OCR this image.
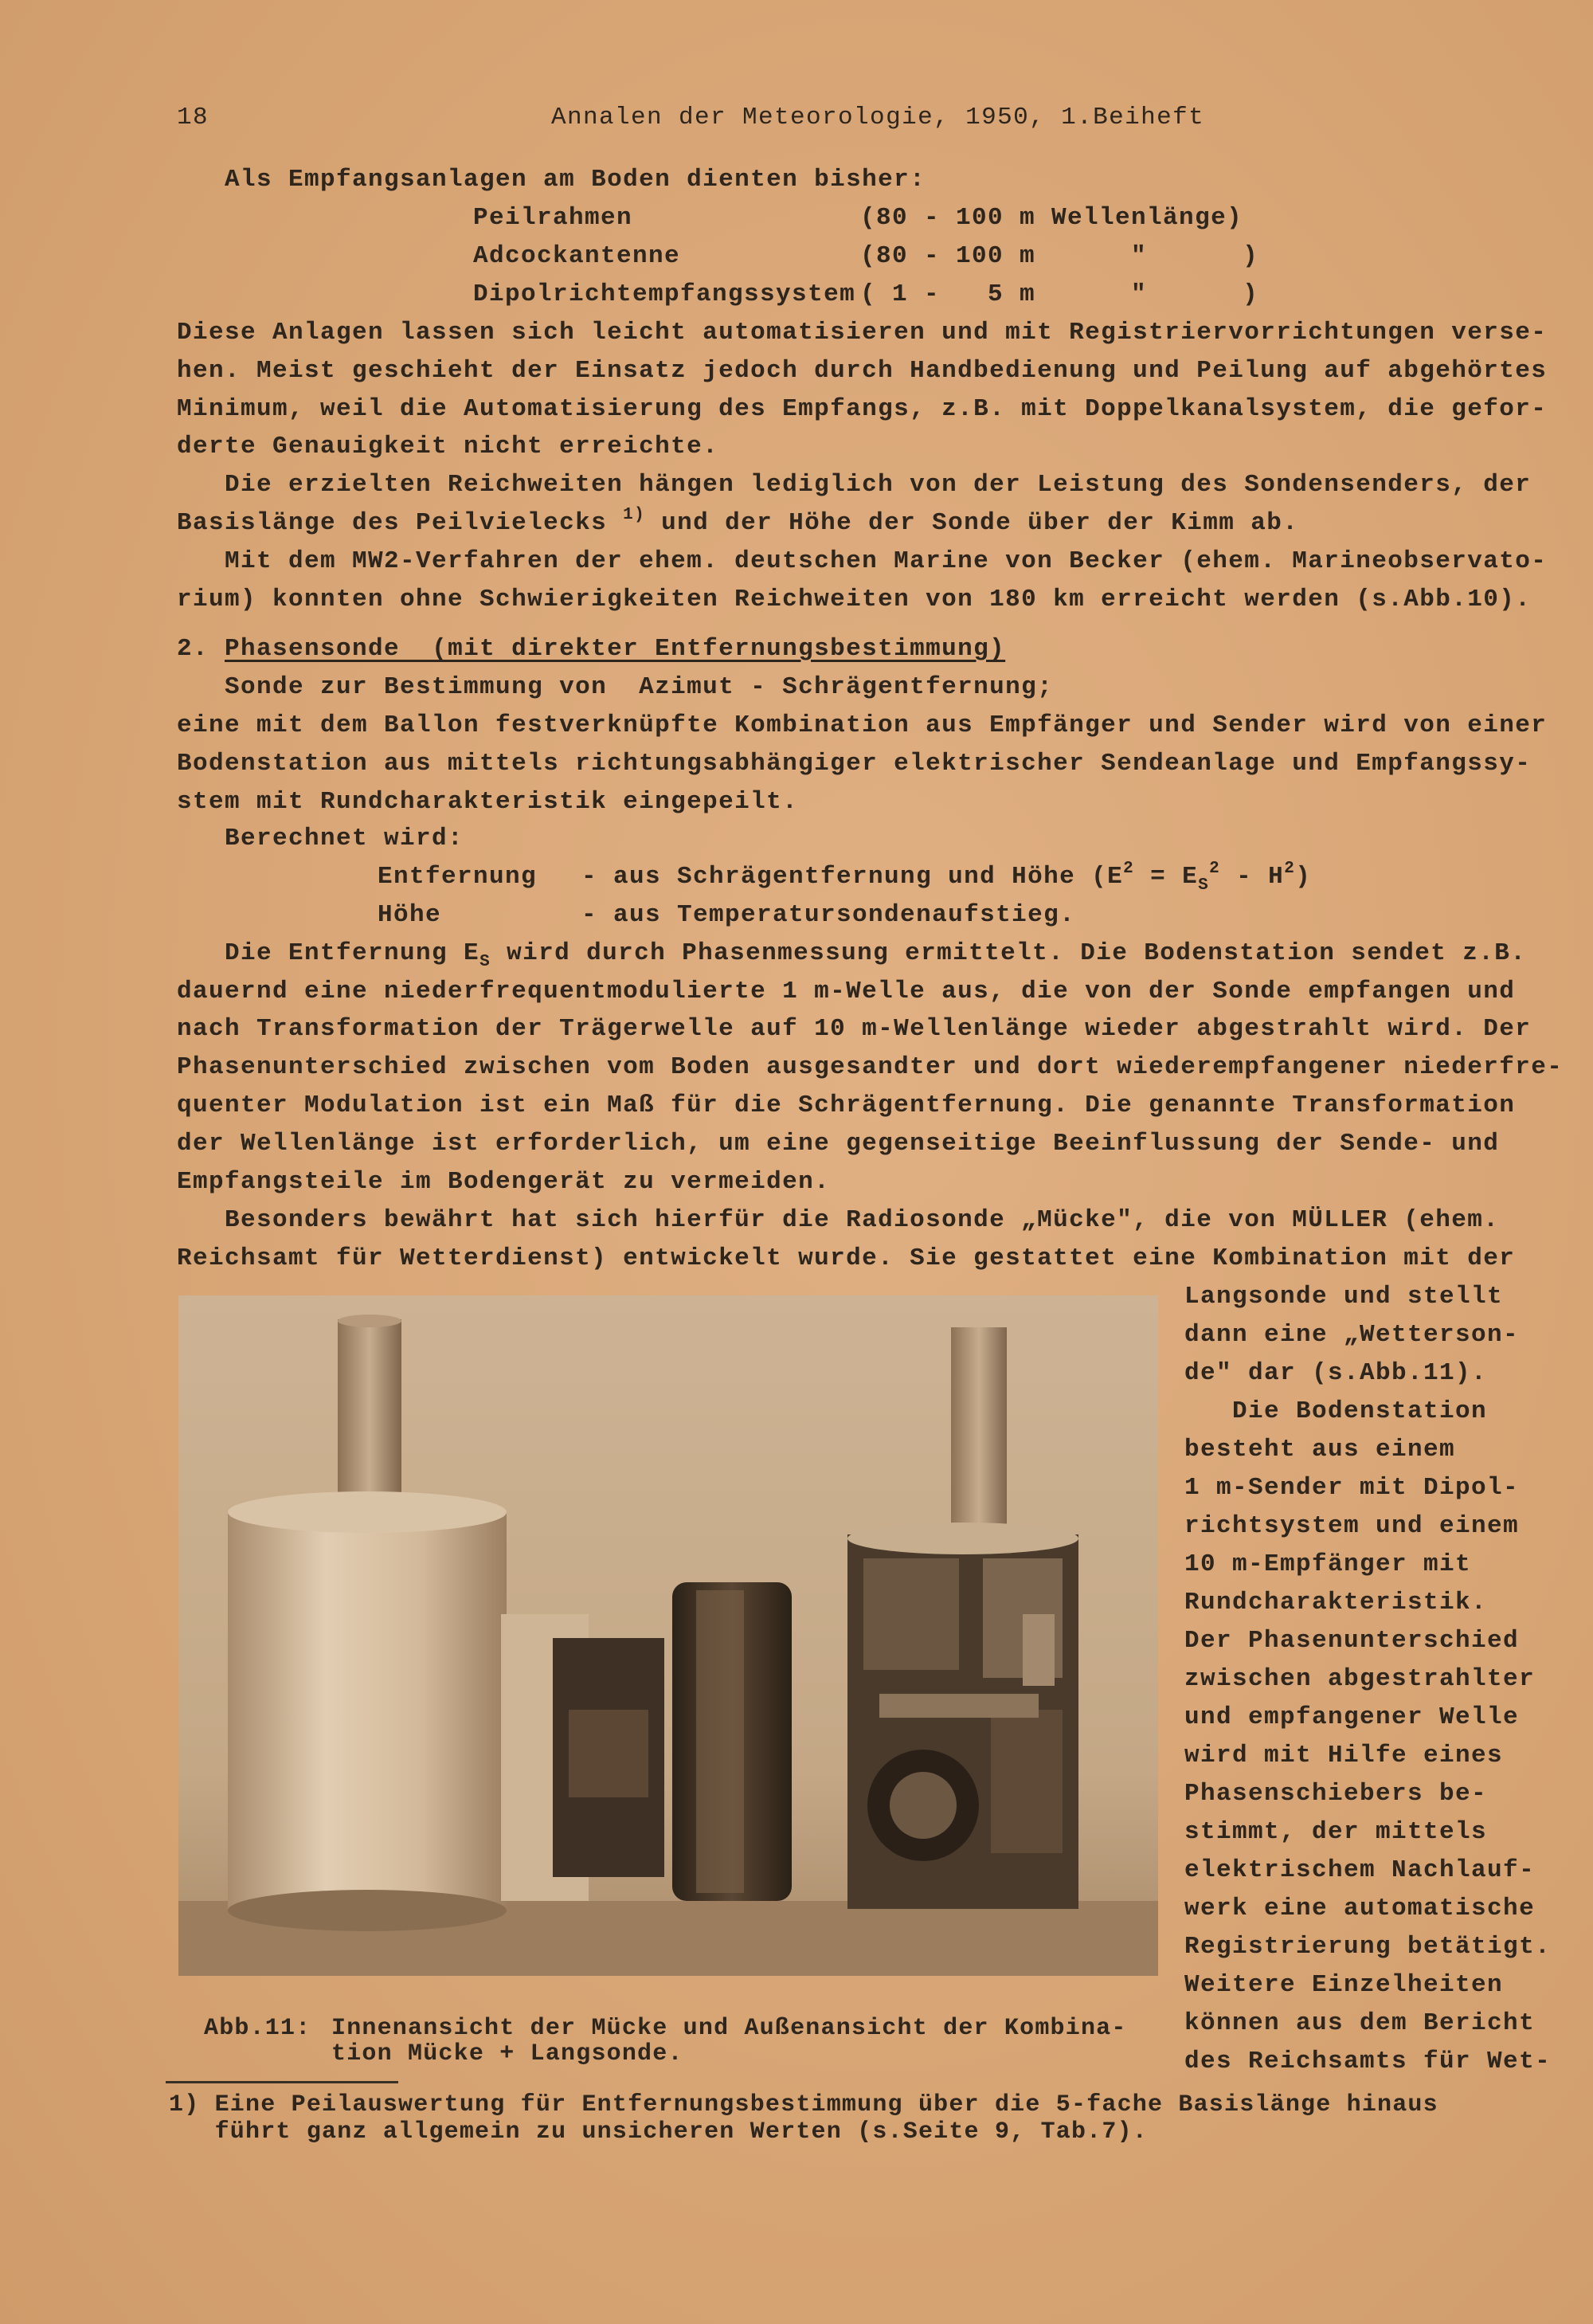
18	Annalen der Meteorologie, 1950, 1.Beiheft
Als Empfangsanlagen am Boden dienten bisher:
Peilrahmen	(80 - 100 m Wellenlänge)
Adcockantenne	(80 - 100 m      "      )
Dipolrichtempfangssystem ( 1 -   5 m      "      )
Diese Anlagen lassen sich leicht automatisieren und mit Registriervorrichtungen verse-
hen. Meist geschieht der Einsatz jedoch durch Handbedienung und Peilung auf abgehörtes
Minimum, weil die Automatisierung des Empfangs, z.B. mit Doppelkanalsystem, die gefor-
derte Genauigkeit nicht erreichte.
Die erzielten Reichweiten hängen lediglich von der Leistung des Sondensenders, der
Basislänge des Peilvielecks $^{1)}$ und der Höhe der Sonde über der Kimm ab.
Mit dem MW2-Verfahren der ehem. deutschen Marine von Becker (ehem. Marineobservato-
rium) konnten ohne Schwierigkeiten Reichweiten von 180 km erreicht werden (s.Abb.10).
2. Phasensonde  (mit direkter Entfernungsbestimmung)
Sonde zur Bestimmung von  Azimut - Schrägentfernung;
eine mit dem Ballon festverknüpfte Kombination aus Empfänger und Sender wird von einer
Bodenstation aus mittels richtungsabhängiger elektrischer Sendeanlage und Empfangssy-
stem mit Rundcharakteristik eingepeilt.
Berechnet wird:
Entfernung - aus Schrägentfernung und Höhe $(E^2 = E_S^2 - H^2)$
Höhe	- aus Temperatursondenaufstieg.
Die Entfernung $E_S$ wird durch Phasenmessung ermittelt. Die Bodenstation sendet z.B.
dauernd eine niederfrequentmodulierte 1 m-Welle aus, die von der Sonde empfangen und
nach Transformation der Trägerwelle auf 10 m-Wellenlänge wieder abgestrahlt wird. Der
Phasenunterschied zwischen vom Boden ausgesandter und dort wiederempfangener niederfre-
quenter Modulation ist ein Maß für die Schrägentfernung. Die genannte Transformation
der Wellenlänge ist erforderlich, um eine gegenseitige Beeinflussung der Sende- und
Empfangsteile im Bodengerät zu vermeiden.
Besonders bewährt hat sich hierfür die Radiosonde „Mücke", die von MÜLLER (ehem.
Reichsamt für Wetterdienst) entwickelt wurde. Sie gestattet eine Kombination mit der
Langsonde und stellt
dann eine „Wetterson-
de" dar (s.Abb.11).
Die Bodenstation
besteht aus einem
1 m-Sender mit Dipol-
richtsystem und einem
10 m-Empfänger mit
Rundcharakteristik.
Der Phasenunterschied
zwischen abgestrahlter
und empfangener Welle
wird mit Hilfe eines
Phasenschiebers be-
stimmt, der mittels
elektrischem Nachlauf-
werk eine automatische
Registrierung betätigt.
Weitere Einzelheiten
können aus dem Bericht
des Reichsamts für Wet-
Abb.11: Innenansicht der Mücke und Außenansicht der Kombina-
tion Mücke + Langsonde.
1) Eine Peilauswertung für Entfernungsbestimmung über die 5-fache Basislänge hinaus
führt ganz allgemein zu unsicheren Werten (s.Seite 9, Tab.7).
